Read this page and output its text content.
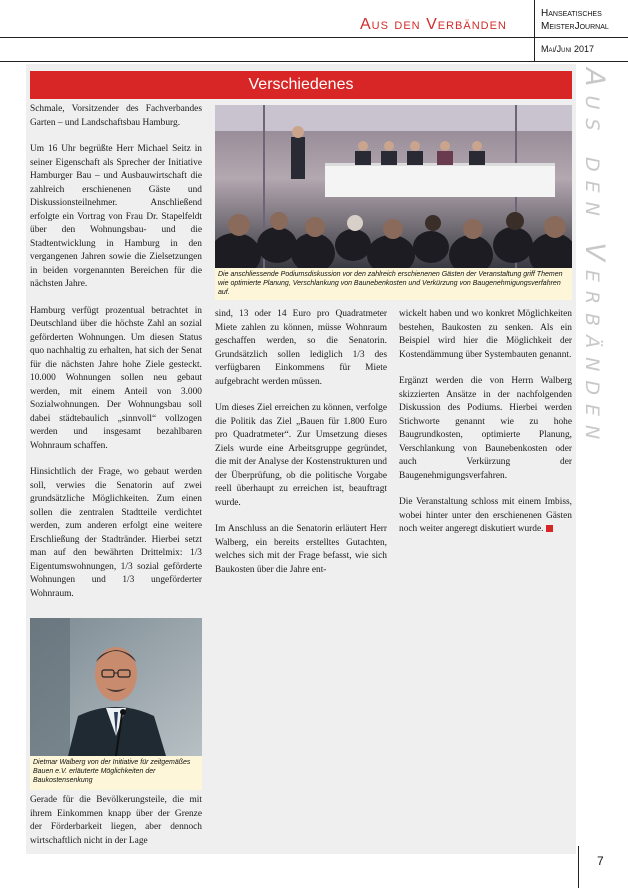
Aus den Verbänden
Hanseatisches
MeisterJournal
Mai/Juni 2017
Verschiedenes	Aus den Verbänden

Schmale, Vorsitzender des Fachverbandes Garten – und Landschaftsbau Hamburg.

Um 16 Uhr begrüßte Herr Michael Seitz in seiner Eigenschaft als Sprecher der Initiative Hamburger Bau – und Ausbauwirtschaft die zahlreich erschienenen Gäste und Diskussionsteilnehmer. Anschließend erfolgte ein Vortrag von Frau Dr. Stapelfeldt über den Wohnungsbau- und die Stadtentwicklung in Hamburg in den vergangenen Jahren sowie die Zielsetzungen in beiden vorgenannten Bereichen für die nächsten Jahre.

Hamburg verfügt prozentual betrachtet in Deutschland über die höchste Zahl an sozial geförderten Wohnungen. Um diesen Status quo nachhaltig zu erhalten, hat sich der Senat für die nächsten Jahre hohe Ziele gesteckt. 10.000 Wohnungen sollen neu gebaut werden, mit einem Anteil von 3.000 Sozialwohnungen. Der Wohnungsbau soll dabei städtebaulich „sinnvoll“ vollzogen werden und insgesamt bezahlbaren Wohnraum schaffen.

Hinsichtlich der Frage, wo gebaut werden soll, verwies die Senatorin auf zwei grundsätzliche Möglichkeiten. Zum einen sollen die zentralen Stadtteile verdichtet werden, zum anderen erfolgt eine weitere Erschließung der Stadtränder. Hierbei setzt man auf den bewährten Drittelmix: 1/3 Eigentumswohnungen, 1/3 sozial geförderte Wohnungen und 1/3 ungeförderter Wohnraum.

Dietmar Walberg von der Initiative für zeitgemäßes Bauen e.V. erläuterte Möglichkeiten der Baukostensenkung

Gerade für die Bevölkerungsteile, die mit ihrem Einkommen knapp über der Grenze der Förderbarkeit liegen, aber dennoch wirtschaftlich nicht in der Lage

Die anschliessende Podiumsdiskussion vor den zahlreich erschienenen Gästen der Veranstaltung griff Themen wie optimierte Planung, Verschlankung von Baunebenkosten und Verkürzung von Baugenehmigungsverfahren auf.

sind, 13 oder 14 Euro pro Quadratmeter Miete zahlen zu können, müsse Wohnraum geschaffen werden, so die Senatorin. Grundsätzlich sollen lediglich 1/3 des verfügbaren Einkommens für Miete aufgebracht werden müssen.

Um dieses Ziel erreichen zu können, verfolge die Politik das Ziel „Bauen für 1.800 Euro pro Quadratmeter“. Zur Umsetzung dieses Ziels wurde eine Arbeitsgruppe gegründet, die mit der Analyse der Kostenstrukturen und der Überprüfung, ob die politische Vorgabe reell überhaupt zu erreichen ist, beauftragt wurde.

Im Anschluss an die Senatorin erläutert Herr Walberg, ein bereits erstelltes Gutachten, welches sich mit der Frage befasst, wie sich Baukosten über die Jahre ent-

wickelt haben und wo konkret Möglichkeiten bestehen, Baukosten zu senken. Als ein Beispiel wird hier die Möglichkeit der Kostendämmung über Systembauten genannt.

Ergänzt werden die von Herrn Walberg skizzierten Ansätze in der nachfolgenden Diskussion des Podiums. Hierbei werden Stichworte genannt wie zu hohe Baugrundkosten, optimierte Planung, Verschlankung von Baunebenkosten oder auch Verkürzung der Baugenehmigungsverfahren.

Die Veranstaltung schloss mit einem Imbiss, wobei hinter unter den erschienenen Gästen noch weiter angeregt diskutiert wurde.

7
